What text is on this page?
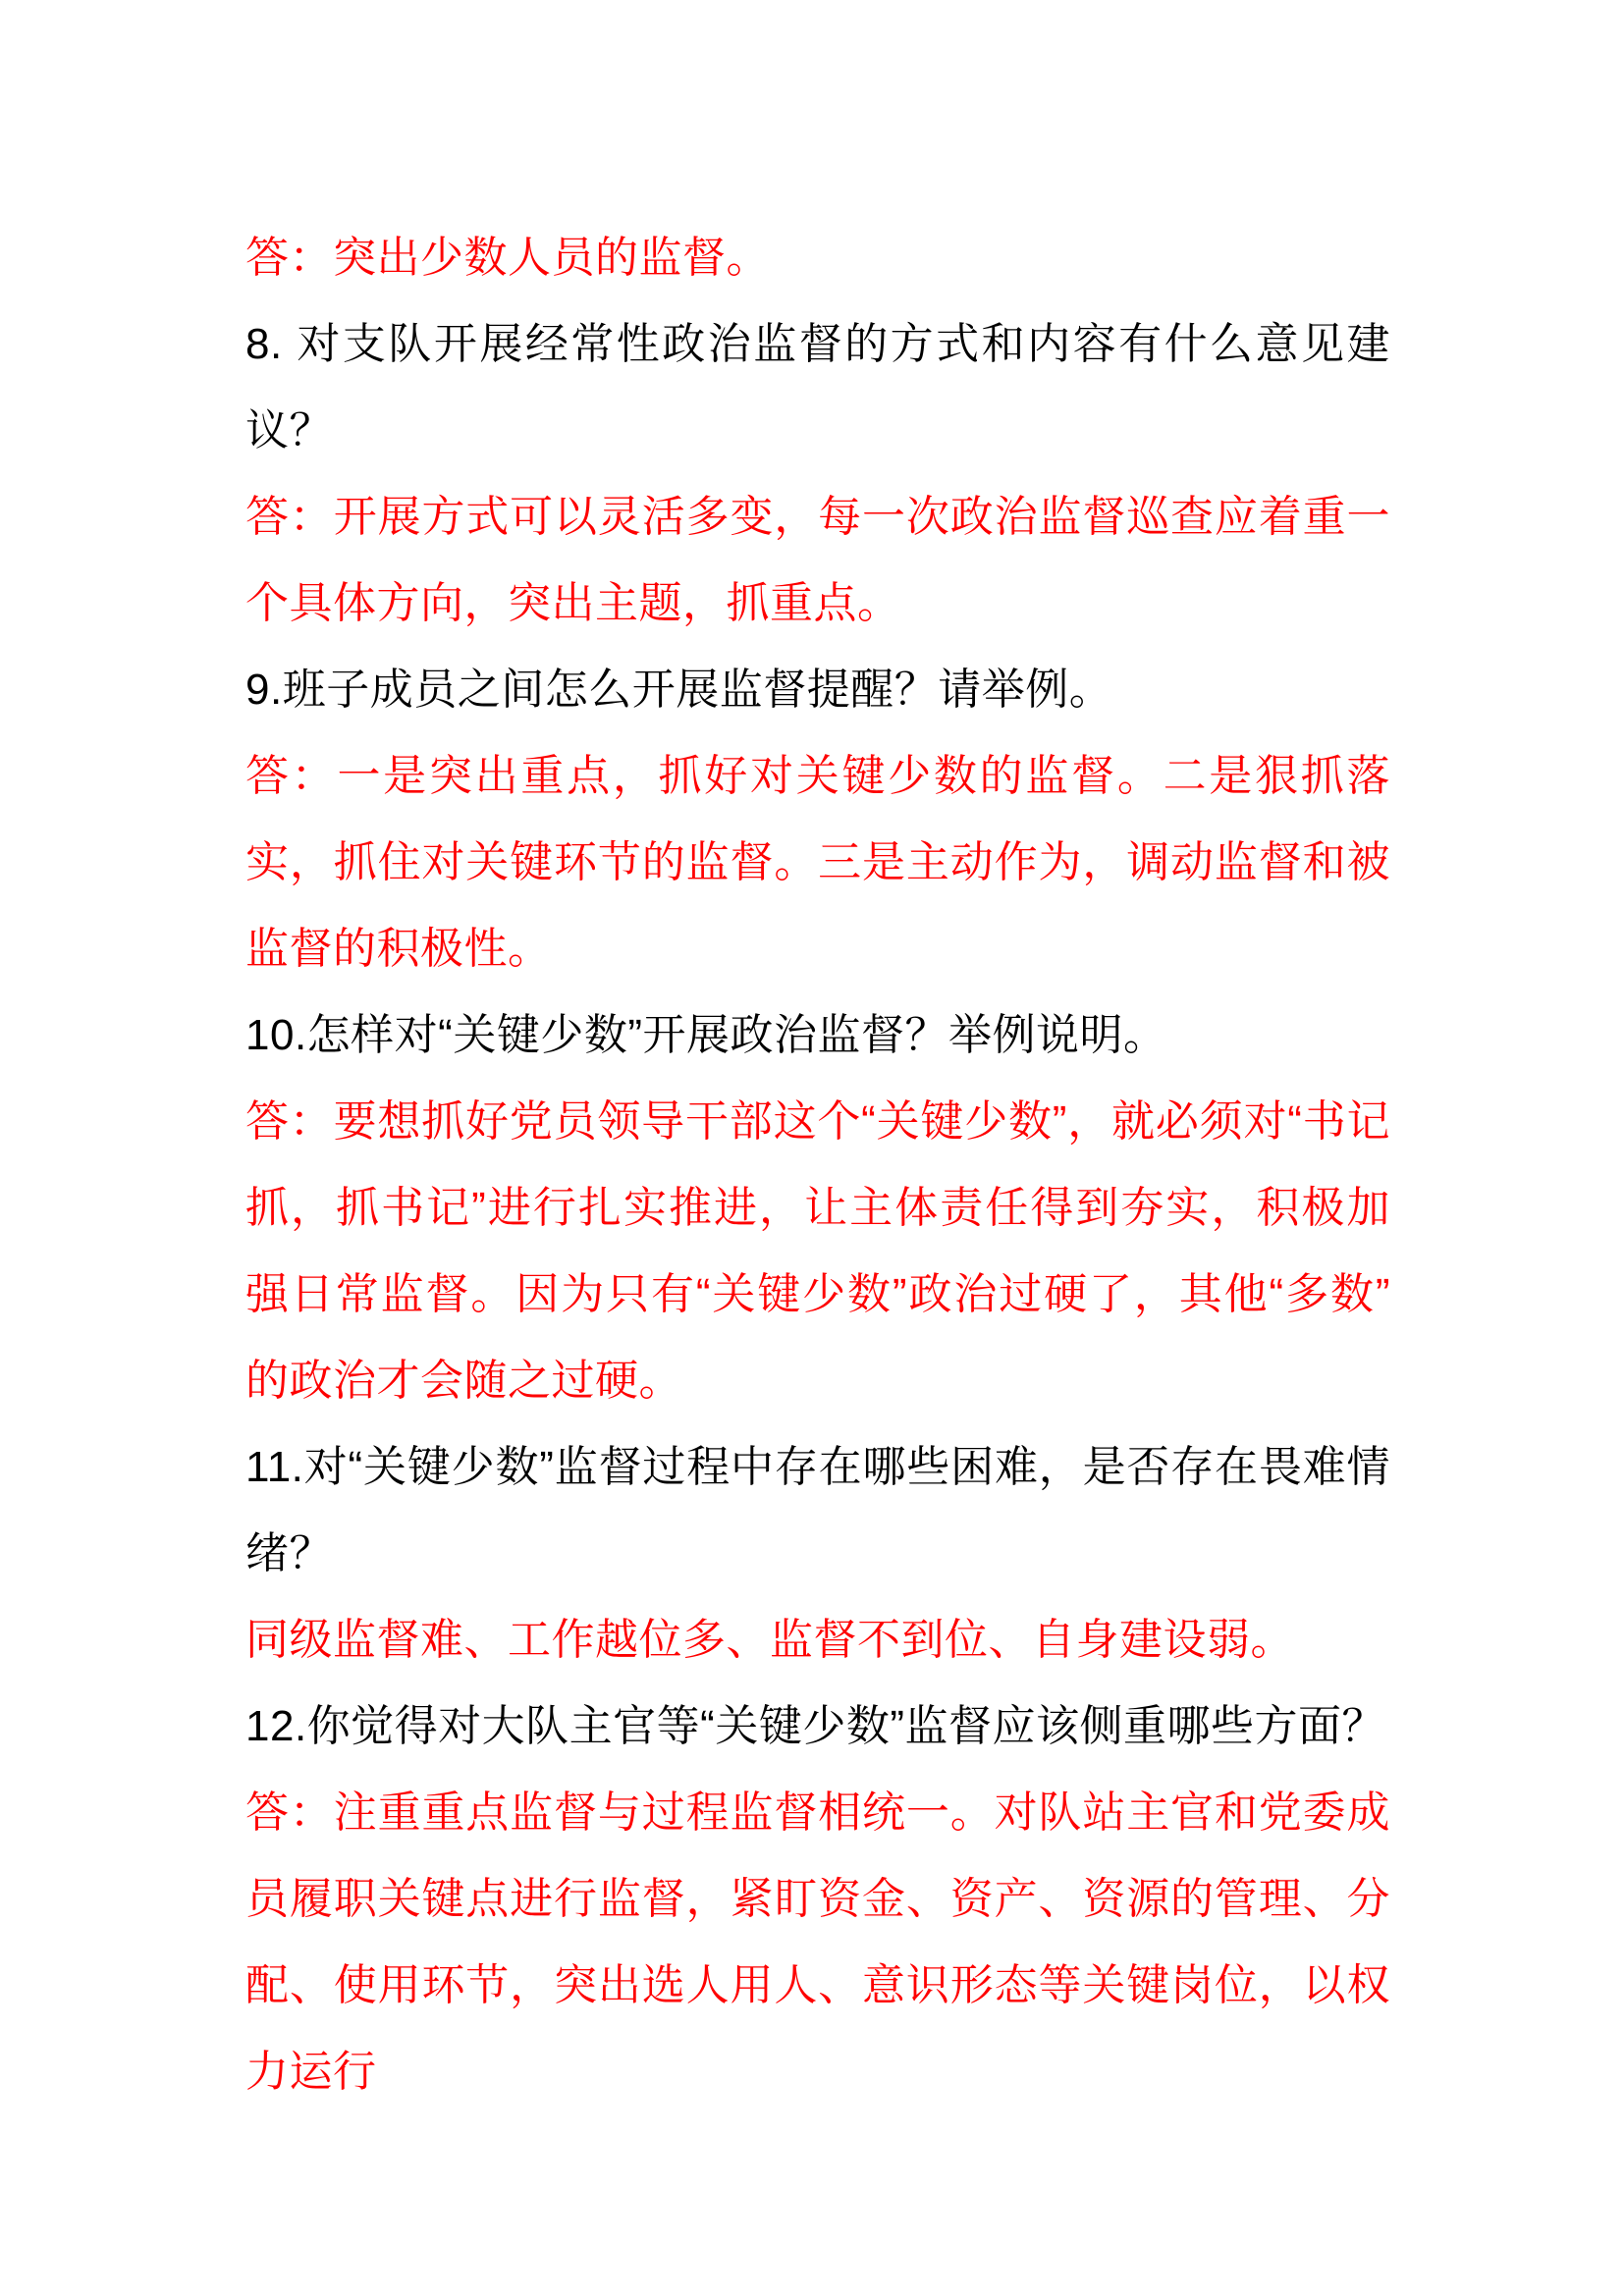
答：突出少数人员的监督。

8. 对支队开展经常性政治监督的方式和内容有什么意见建议？

答：开展方式可以灵活多变，每一次政治监督巡查应着重一个具体方向，突出主题，抓重点。

9.班子成员之间怎么开展监督提醒？请举例。

答：一是突出重点，抓好对关键少数的监督。二是狠抓落实，抓住对关键环节的监督。三是主动作为，调动监督和被监督的积极性。

10.怎样对“关键少数”开展政治监督？举例说明。

答：要想抓好党员领导干部这个“关键少数”，就必须对“书记抓，抓书记”进行扎实推进，让主体责任得到夯实，积极加强日常监督。因为只有“关键少数”政治过硬了，其他“多数”的政治才会随之过硬。

11.对“关键少数”监督过程中存在哪些困难，是否存在畏难情绪？

同级监督难、工作越位多、监督不到位、自身建设弱。

12.你觉得对大队主官等“关键少数”监督应该侧重哪些方面？

答：注重重点监督与过程监督相统一。对队站主官和党委成员履职关键点进行监督，紧盯资金、资产、资源的管理、分配、使用环节，突出选人用人、意识形态等关键岗位，以权力运行
